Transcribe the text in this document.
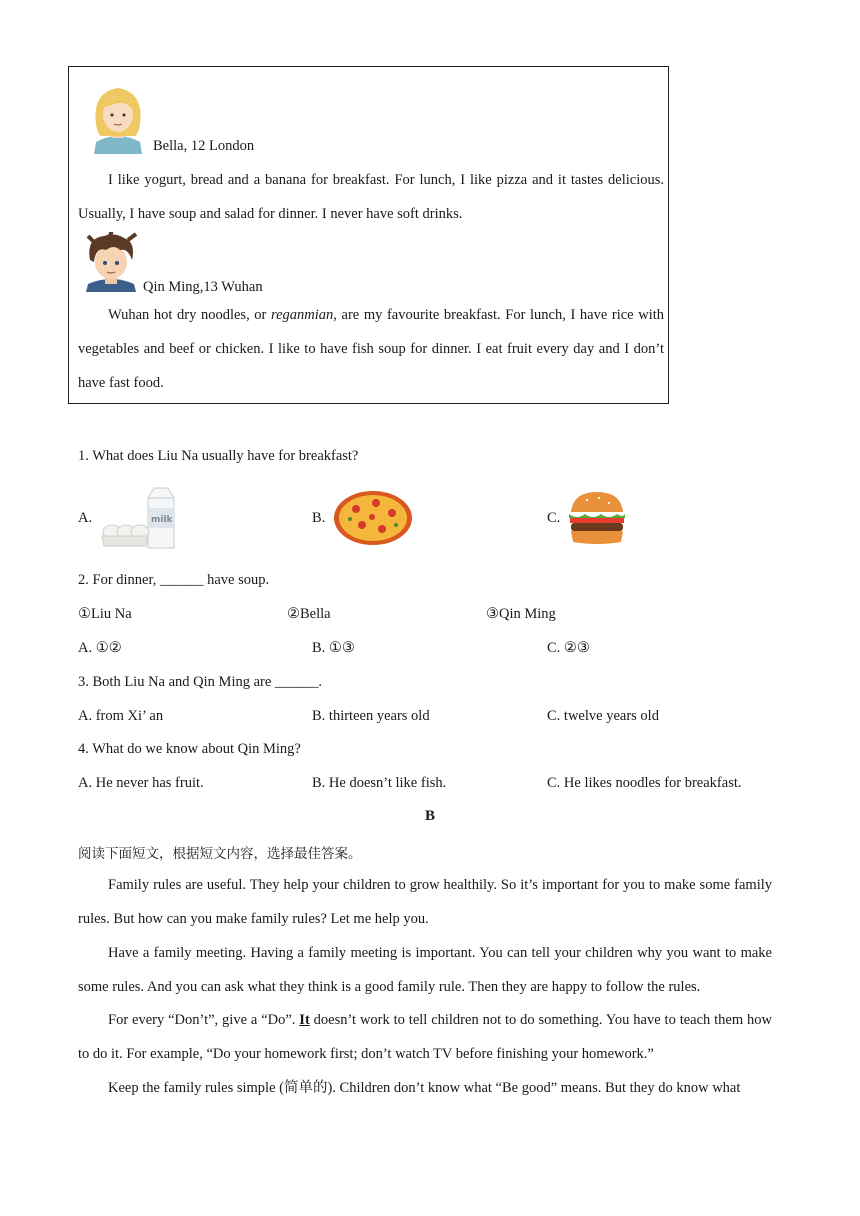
Bella, 12 London
I like yogurt, bread and a banana for breakfast. For lunch, I like pizza and it tastes delicious. Usually, I have soup and salad for dinner. I never have soft drinks.
Qin Ming,13 Wuhan
Wuhan hot dry noodles, or reganmian, are my favourite breakfast. For lunch, I have rice with vegetables and beef or chicken. I like to have fish soup for dinner. I eat fruit every day and I don’t have fast food.
1. What does Liu Na usually have for breakfast?
A.	milk	B.	C.
2. For dinner, ______ have soup.
①Liu Na	②Bella	③Qin Ming
A. ①②	B. ①③	C. ②③
3. Both Liu Na and Qin Ming are ______.
A. from Xi’ an	B. thirteen years old	C. twelve years old
4. What do we know about Qin Ming?
A. He never has fruit.	B. He doesn’t like fish.	C. He likes noodles for breakfast.
B
阅读下面短文，根据短文内容，选择最佳答案。
Family rules are useful. They help your children to grow healthily. So it’s important for you to make some family rules. But how can you make family rules? Let me help you.
Have a family meeting. Having a family meeting is important. You can tell your children why you want to make some rules. And you can ask what they think is a good family rule. Then they are happy to follow the rules.
For every “Don’t”, give a “Do”. It doesn’t work to tell children not to do something. You have to teach them how to do it. For example, “Do your homework first; don’t watch TV before finishing your homework.”
Keep the family rules simple (简单的). Children don’t know what “Be good” means. But they do know what
